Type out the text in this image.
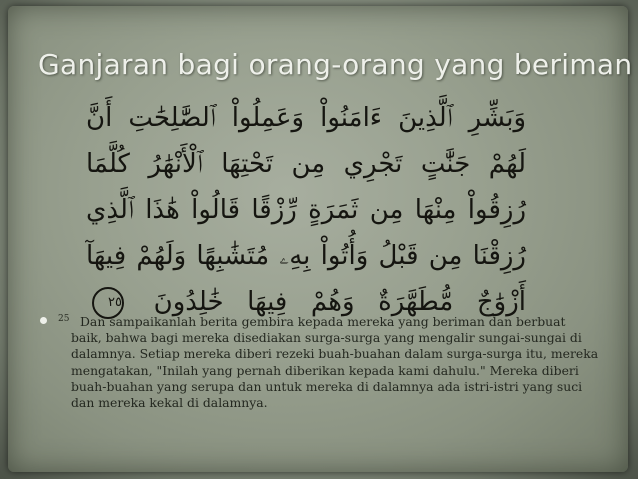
Ganjaran bagi orang-orang yang beriman
وَبَشِّرِ ٱلَّذِينَ ءَامَنُواْ وَعَمِلُواْ ٱلصَّٰلِحَٰتِ أَنَّ لَهُمْ جَنَّٰتٍ تَجْرِي مِن تَحْتِهَا ٱلْأَنْهَٰرُ كُلَّمَا رُزِقُواْ مِنْهَا مِن ثَمَرَةٍ رِّزْقًا قَالُواْ هَٰذَا ٱلَّذِي رُزِقْنَا مِن قَبْلُ وَأُتُواْ بِهِۦ مُتَشَٰبِهًا وَلَهُمْ فِيهَآ أَزْوَٰجٌ مُّطَهَّرَةٌ وَهُمْ فِيهَا خَٰلِدُونَ ٢٥
25 Dan sampaikanlah berita gembira kepada mereka yang beriman dan berbuat baik, bahwa bagi mereka disediakan surga-surga yang mengalir sungai-sungai di dalamnya. Setiap mereka diberi rezeki buah-buahan dalam surga-surga itu, mereka mengatakan, "Inilah yang pernah diberikan kepada kami dahulu." Mereka diberi buah-buahan yang serupa dan untuk mereka di dalamnya ada istri-istri yang suci dan mereka kekal di dalamnya.
